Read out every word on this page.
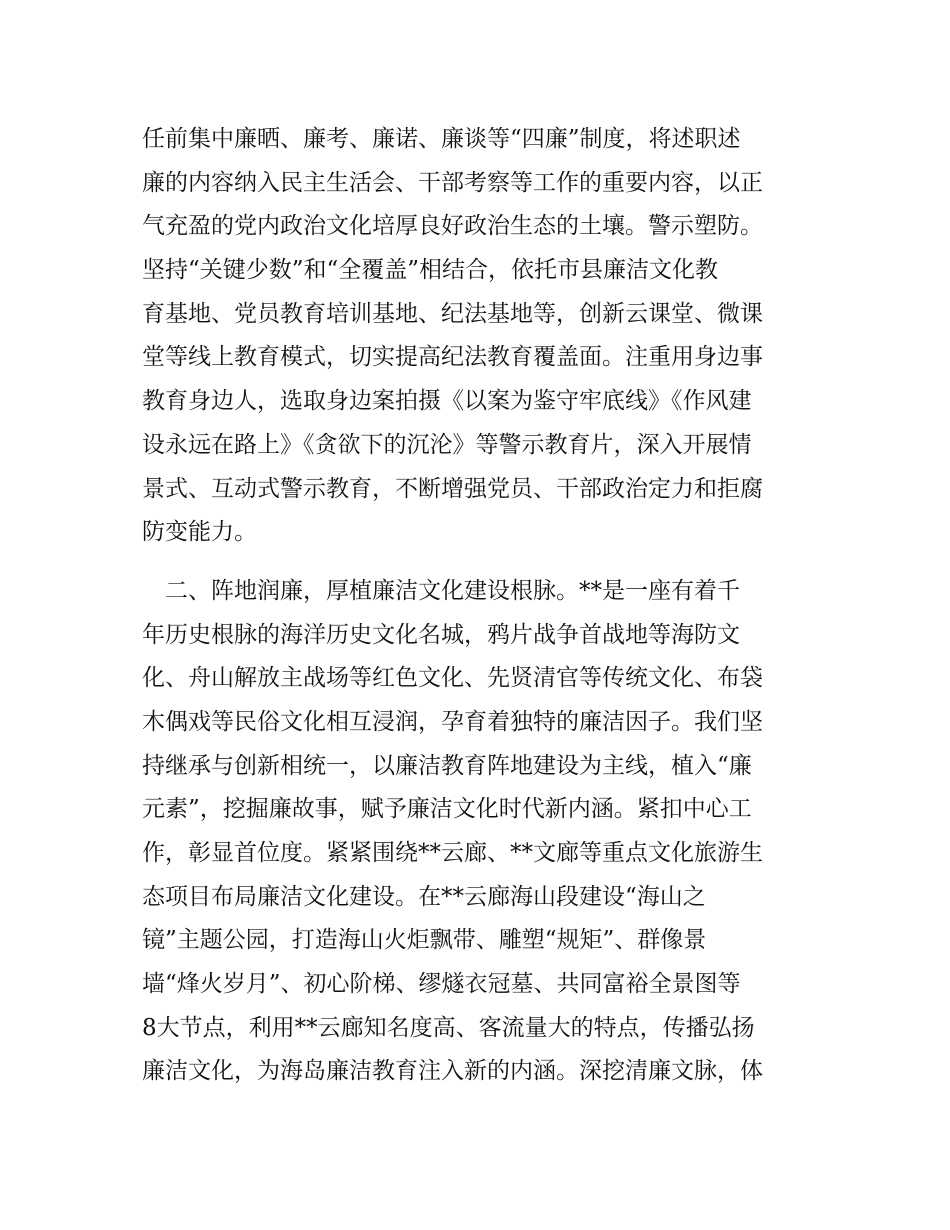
任前集中廉晒、廉考、廉诺、廉谈等“四廉”制度，将述职述
廉的内容纳入民主生活会、干部考察等工作的重要内容，以正
气充盈的党内政治文化培厚良好政治生态的土壤。警示塑防。
坚持“关键少数”和“全覆盖”相结合，依托市县廉洁文化教
育基地、党员教育培训基地、纪法基地等，创新云课堂、微课
堂等线上教育模式，切实提高纪法教育覆盖面。注重用身边事
教育身边人，选取身边案拍摄《以案为鉴守牢底线》《作风建
设永远在路上》《贪欲下的沉沦》等警示教育片，深入开展情
景式、互动式警示教育，不断增强党员、干部政治定力和拒腐
防变能力。
二、阵地润廉，厚植廉洁文化建设根脉。**是一座有着千
年历史根脉的海洋历史文化名城，鸦片战争首战地等海防文
化、舟山解放主战场等红色文化、先贤清官等传统文化、布袋
木偶戏等民俗文化相互浸润，孕育着独特的廉洁因子。我们坚
持继承与创新相统一，以廉洁教育阵地建设为主线，植入“廉
元素”，挖掘廉故事，赋予廉洁文化时代新内涵。紧扣中心工
作，彰显首位度。紧紧围绕**云廊、**文廊等重点文化旅游生
态项目布局廉洁文化建设。在**云廊海山段建设“海山之
镜”主题公园，打造海山火炬飘带、雕塑“规矩”、群像景
墙“烽火岁月”、初心阶梯、缪燧衣冠墓、共同富裕全景图等
8大节点，利用**云廊知名度高、客流量大的特点，传播弘扬
廉洁文化，为海岛廉洁教育注入新的内涵。深挖清廉文脉，体
